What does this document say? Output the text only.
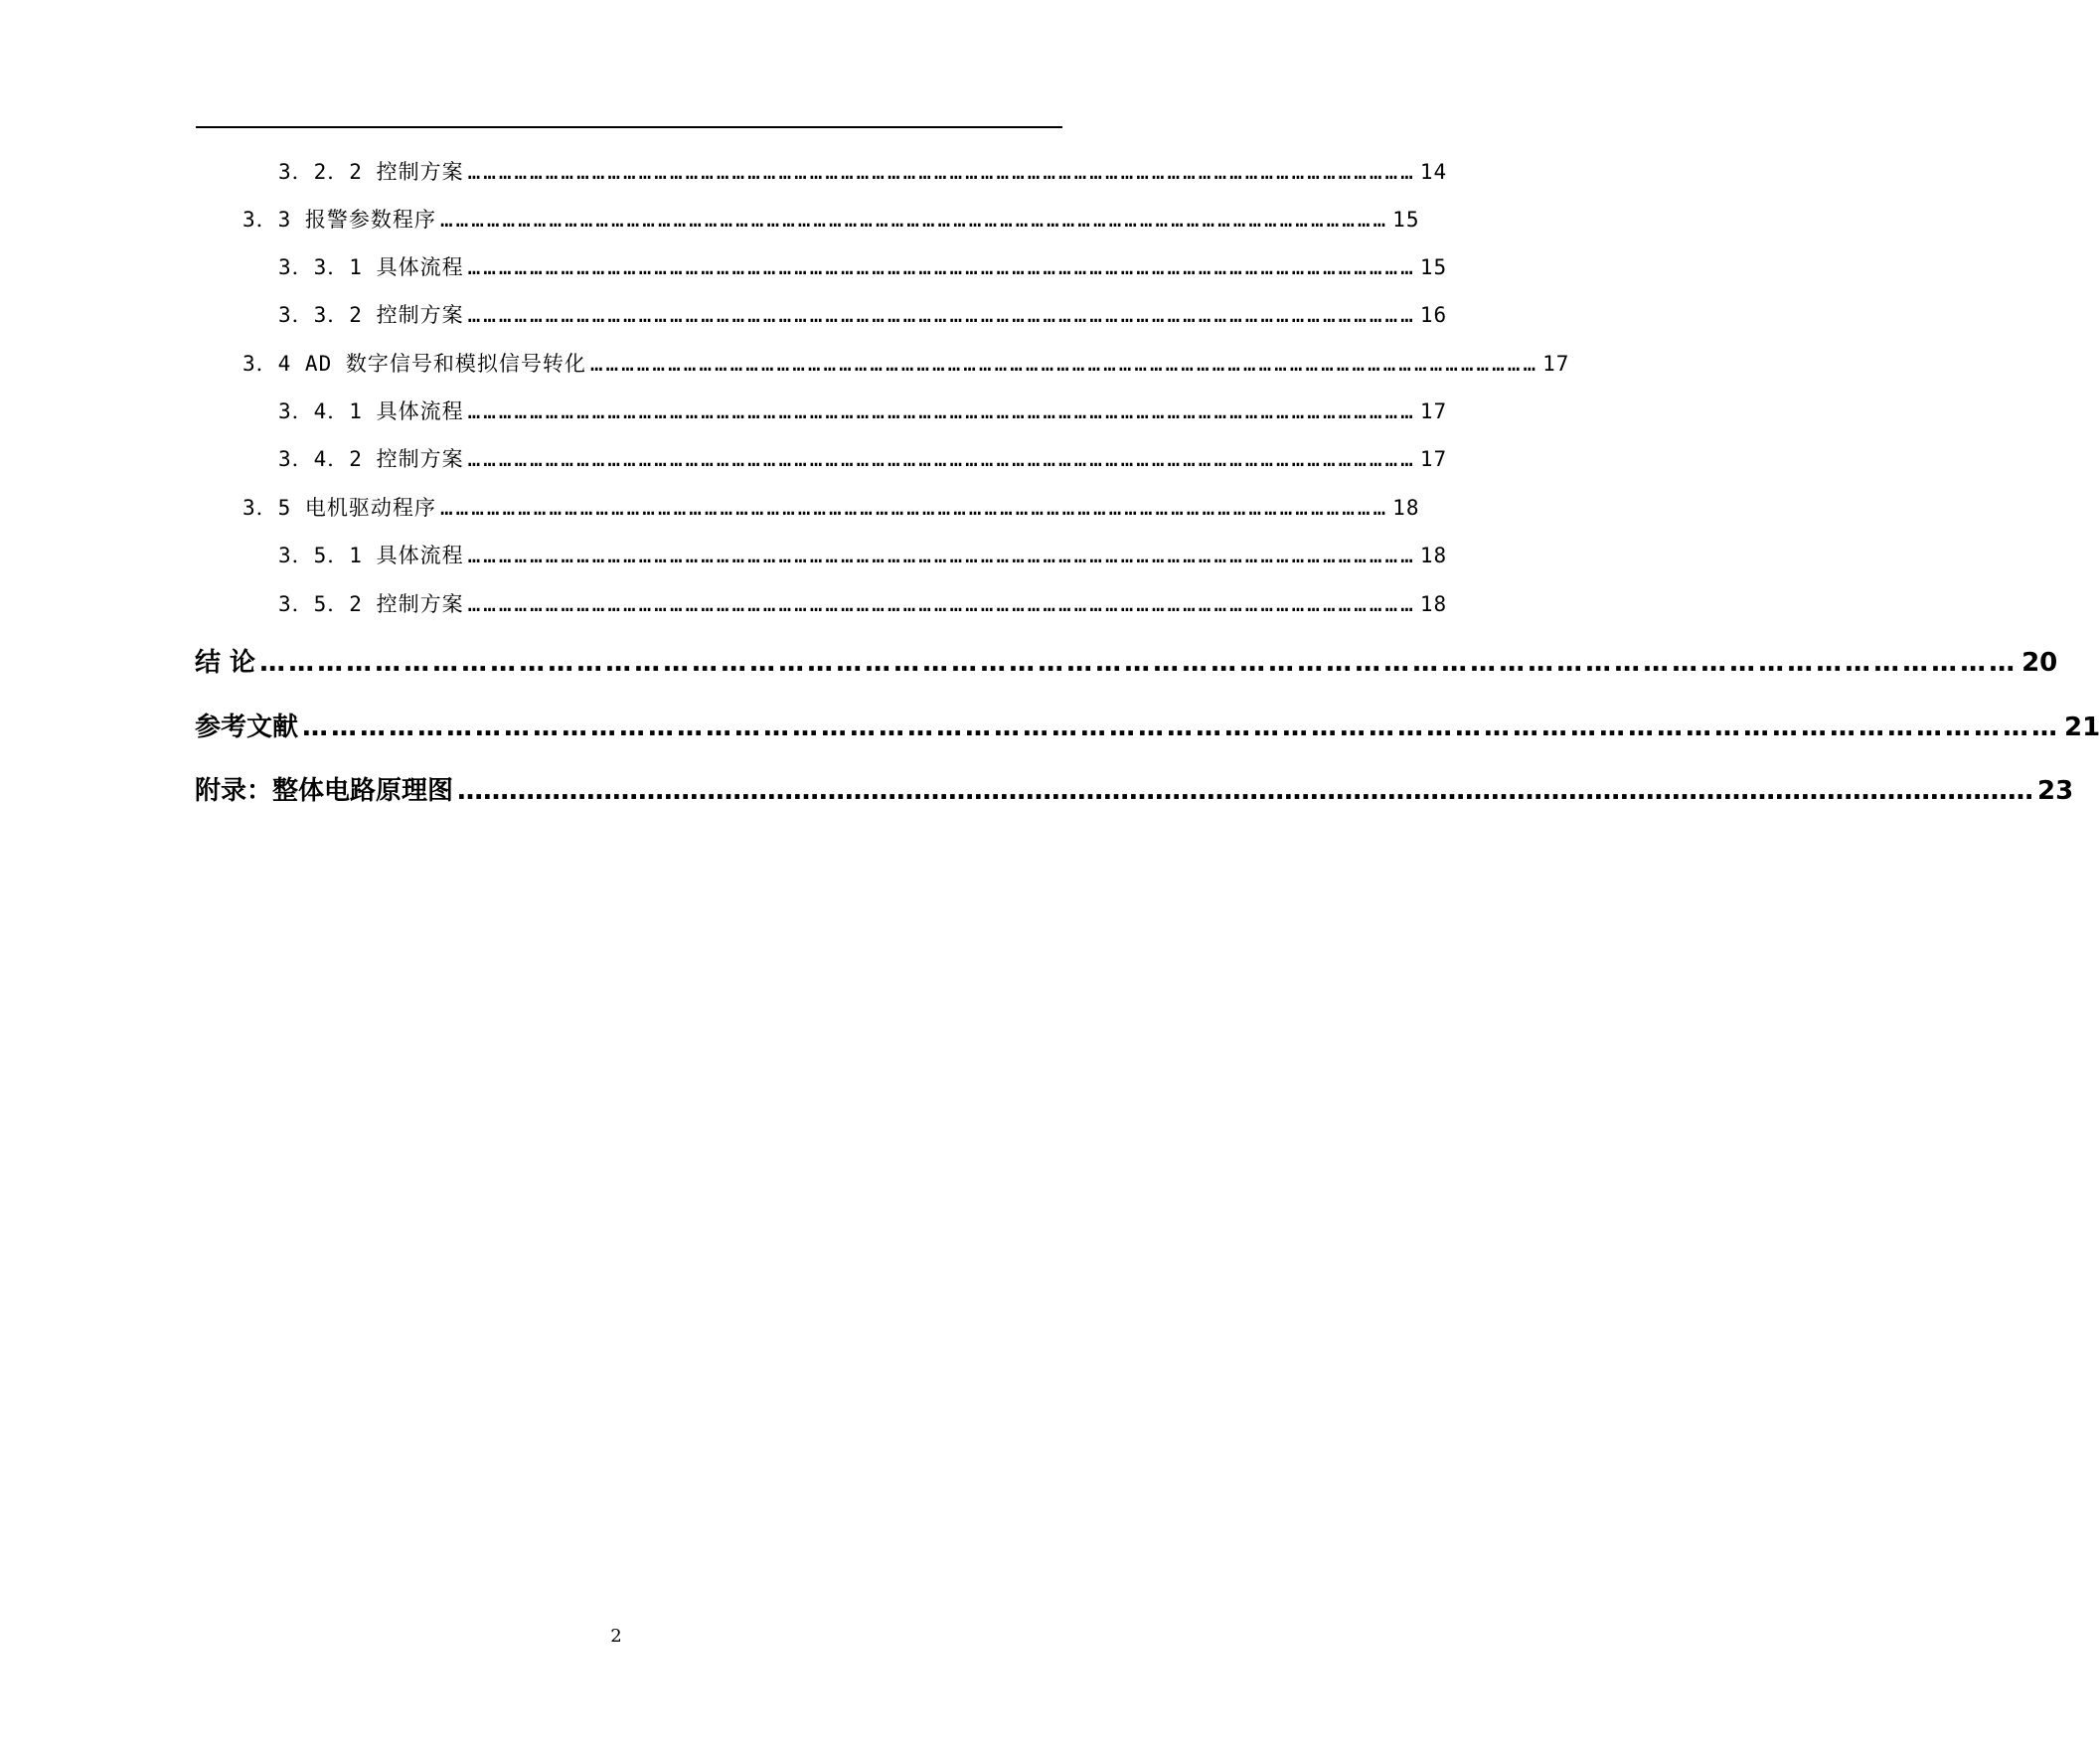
3．2．2 控制方案 ………………………………………………………………………………………………………………………………………………………………… 14
3．3 报警参数程序 ………………………………………………………………………………………………………………………………………………………………… 15
3．3．1 具体流程 ………………………………………………………………………………………………………………………………………………………………… 15
3．3．2 控制方案 ………………………………………………………………………………………………………………………………………………………………… 16
3．4 AD 数字信号和模拟信号转化 ………………………………………………………………………………………………………………………………………………………………… 17
3．4．1 具体流程 ………………………………………………………………………………………………………………………………………………………………… 17
3．4．2 控制方案 ………………………………………………………………………………………………………………………………………………………………… 17
3．5 电机驱动程序 ………………………………………………………………………………………………………………………………………………………………… 18
3．5．1 具体流程 ………………………………………………………………………………………………………………………………………………………………… 18
3．5．2 控制方案 ………………………………………………………………………………………………………………………………………………………………… 18
结 论 ………………………………………………………………………………………………………………………………………………………………… 20
参考文献 ………………………………………………………………………………………………………………………………………………………………… 21
附录：整体电路原理图 ………………………………………………………………………………………………………………………………………………………………… 23
2
